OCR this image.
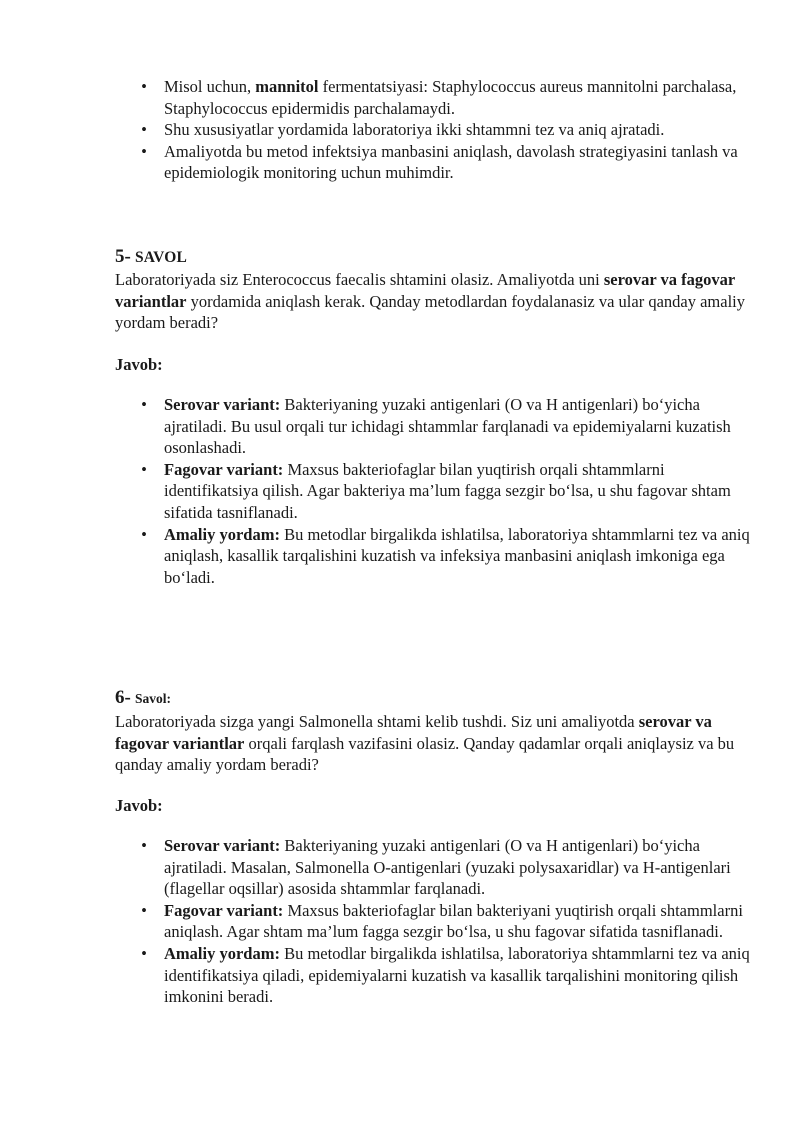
• Misol uchun, mannitol fermentatsiyasi: Staphylococcus aureus mannitolni parchalasa, Staphylococcus epidermidis parchalamaydi.
• Shu xususiyatlar yordamida laboratoriya ikki shtammni tez va aniq ajratadi.
• Amaliyotda bu metod infektsiya manbasini aniqlash, davolash strategiyasini tanlash va epidemiologik monitoring uchun muhimdir.
5- SAVOL

Laboratoriyada siz Enterococcus faecalis shtamini olasiz. Amaliyotda uni serovar va fagovar variantlar yordamida aniqlash kerak. Qanday metodlardan foydalanasiz va ular qanday amaliy yordam beradi?

Javob:
• Serovar variant: Bakteriyaning yuzaki antigenlari (O va H antigenlari) bo‘yicha ajratiladi. Bu usul orqali tur ichidagi shtammlar farqlanadi va epidemiyalarni kuzatish osonlashadi.
• Fagovar variant: Maxsus bakteriofaglar bilan yuqtirish orqali shtammlarni identifikatsiya qilish. Agar bakteriya ma’lum fagga sezgir bo‘lsa, u shu fagovar shtam sifatida tasniflanadi.
• Amaliy yordam: Bu metodlar birgalikda ishlatilsa, laboratoriya shtammlarni tez va aniq aniqlash, kasallik tarqalishini kuzatish va infeksiya manbasini aniqlash imkoniga ega bo‘ladi.
6- Savol:

Laboratoriyada sizga yangi Salmonella shtami kelib tushdi. Siz uni amaliyotda serovar va fagovar variantlar orqali farqlash vazifasini olasiz. Qanday qadamlar orqali aniqlaysiz va bu qanday amaliy yordam beradi?

Javob:
• Serovar variant: Bakteriyaning yuzaki antigenlari (O va H antigenlari) bo‘yicha ajratiladi. Masalan, Salmonella O-antigenlari (yuzaki polysaxaridlar) va H-antigenlari (flagellar oqsillar) asosida shtammlar farqlanadi.
• Fagovar variant: Maxsus bakteriofaglar bilan bakteriyani yuqtirish orqali shtammlarni aniqlash. Agar shtam ma’lum fagga sezgir bo‘lsa, u shu fagovar sifatida tasniflanadi.
• Amaliy yordam: Bu metodlar birgalikda ishlatilsa, laboratoriya shtammlarni tez va aniq identifikatsiya qiladi, epidemiyalarni kuzatish va kasallik tarqalishini monitoring qilish imkonini beradi.
